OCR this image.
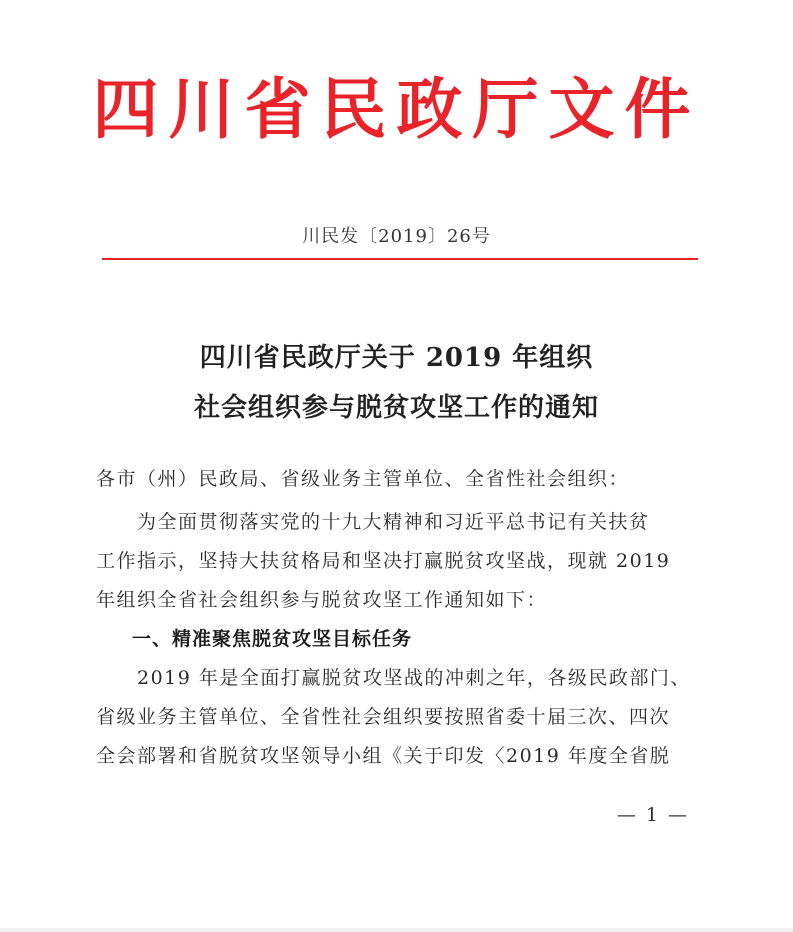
四川省民政厅文件
川民发〔2019〕26号
四川省民政厅关于 2019 年组织
社会组织参与脱贫攻坚工作的通知
各市（州）民政局、省级业务主管单位、全省性社会组织：
　　为全面贯彻落实党的十九大精神和习近平总书记有关扶贫
工作指示，坚持大扶贫格局和坚决打赢脱贫攻坚战，现就 2019
年组织全省社会组织参与脱贫攻坚工作通知如下：
一、精准聚焦脱贫攻坚目标任务
　　2019 年是全面打赢脱贫攻坚战的冲刺之年，各级民政部门、
省级业务主管单位、全省性社会组织要按照省委十届三次、四次
全会部署和省脱贫攻坚领导小组《关于印发〈2019 年度全省脱
— 1 —
